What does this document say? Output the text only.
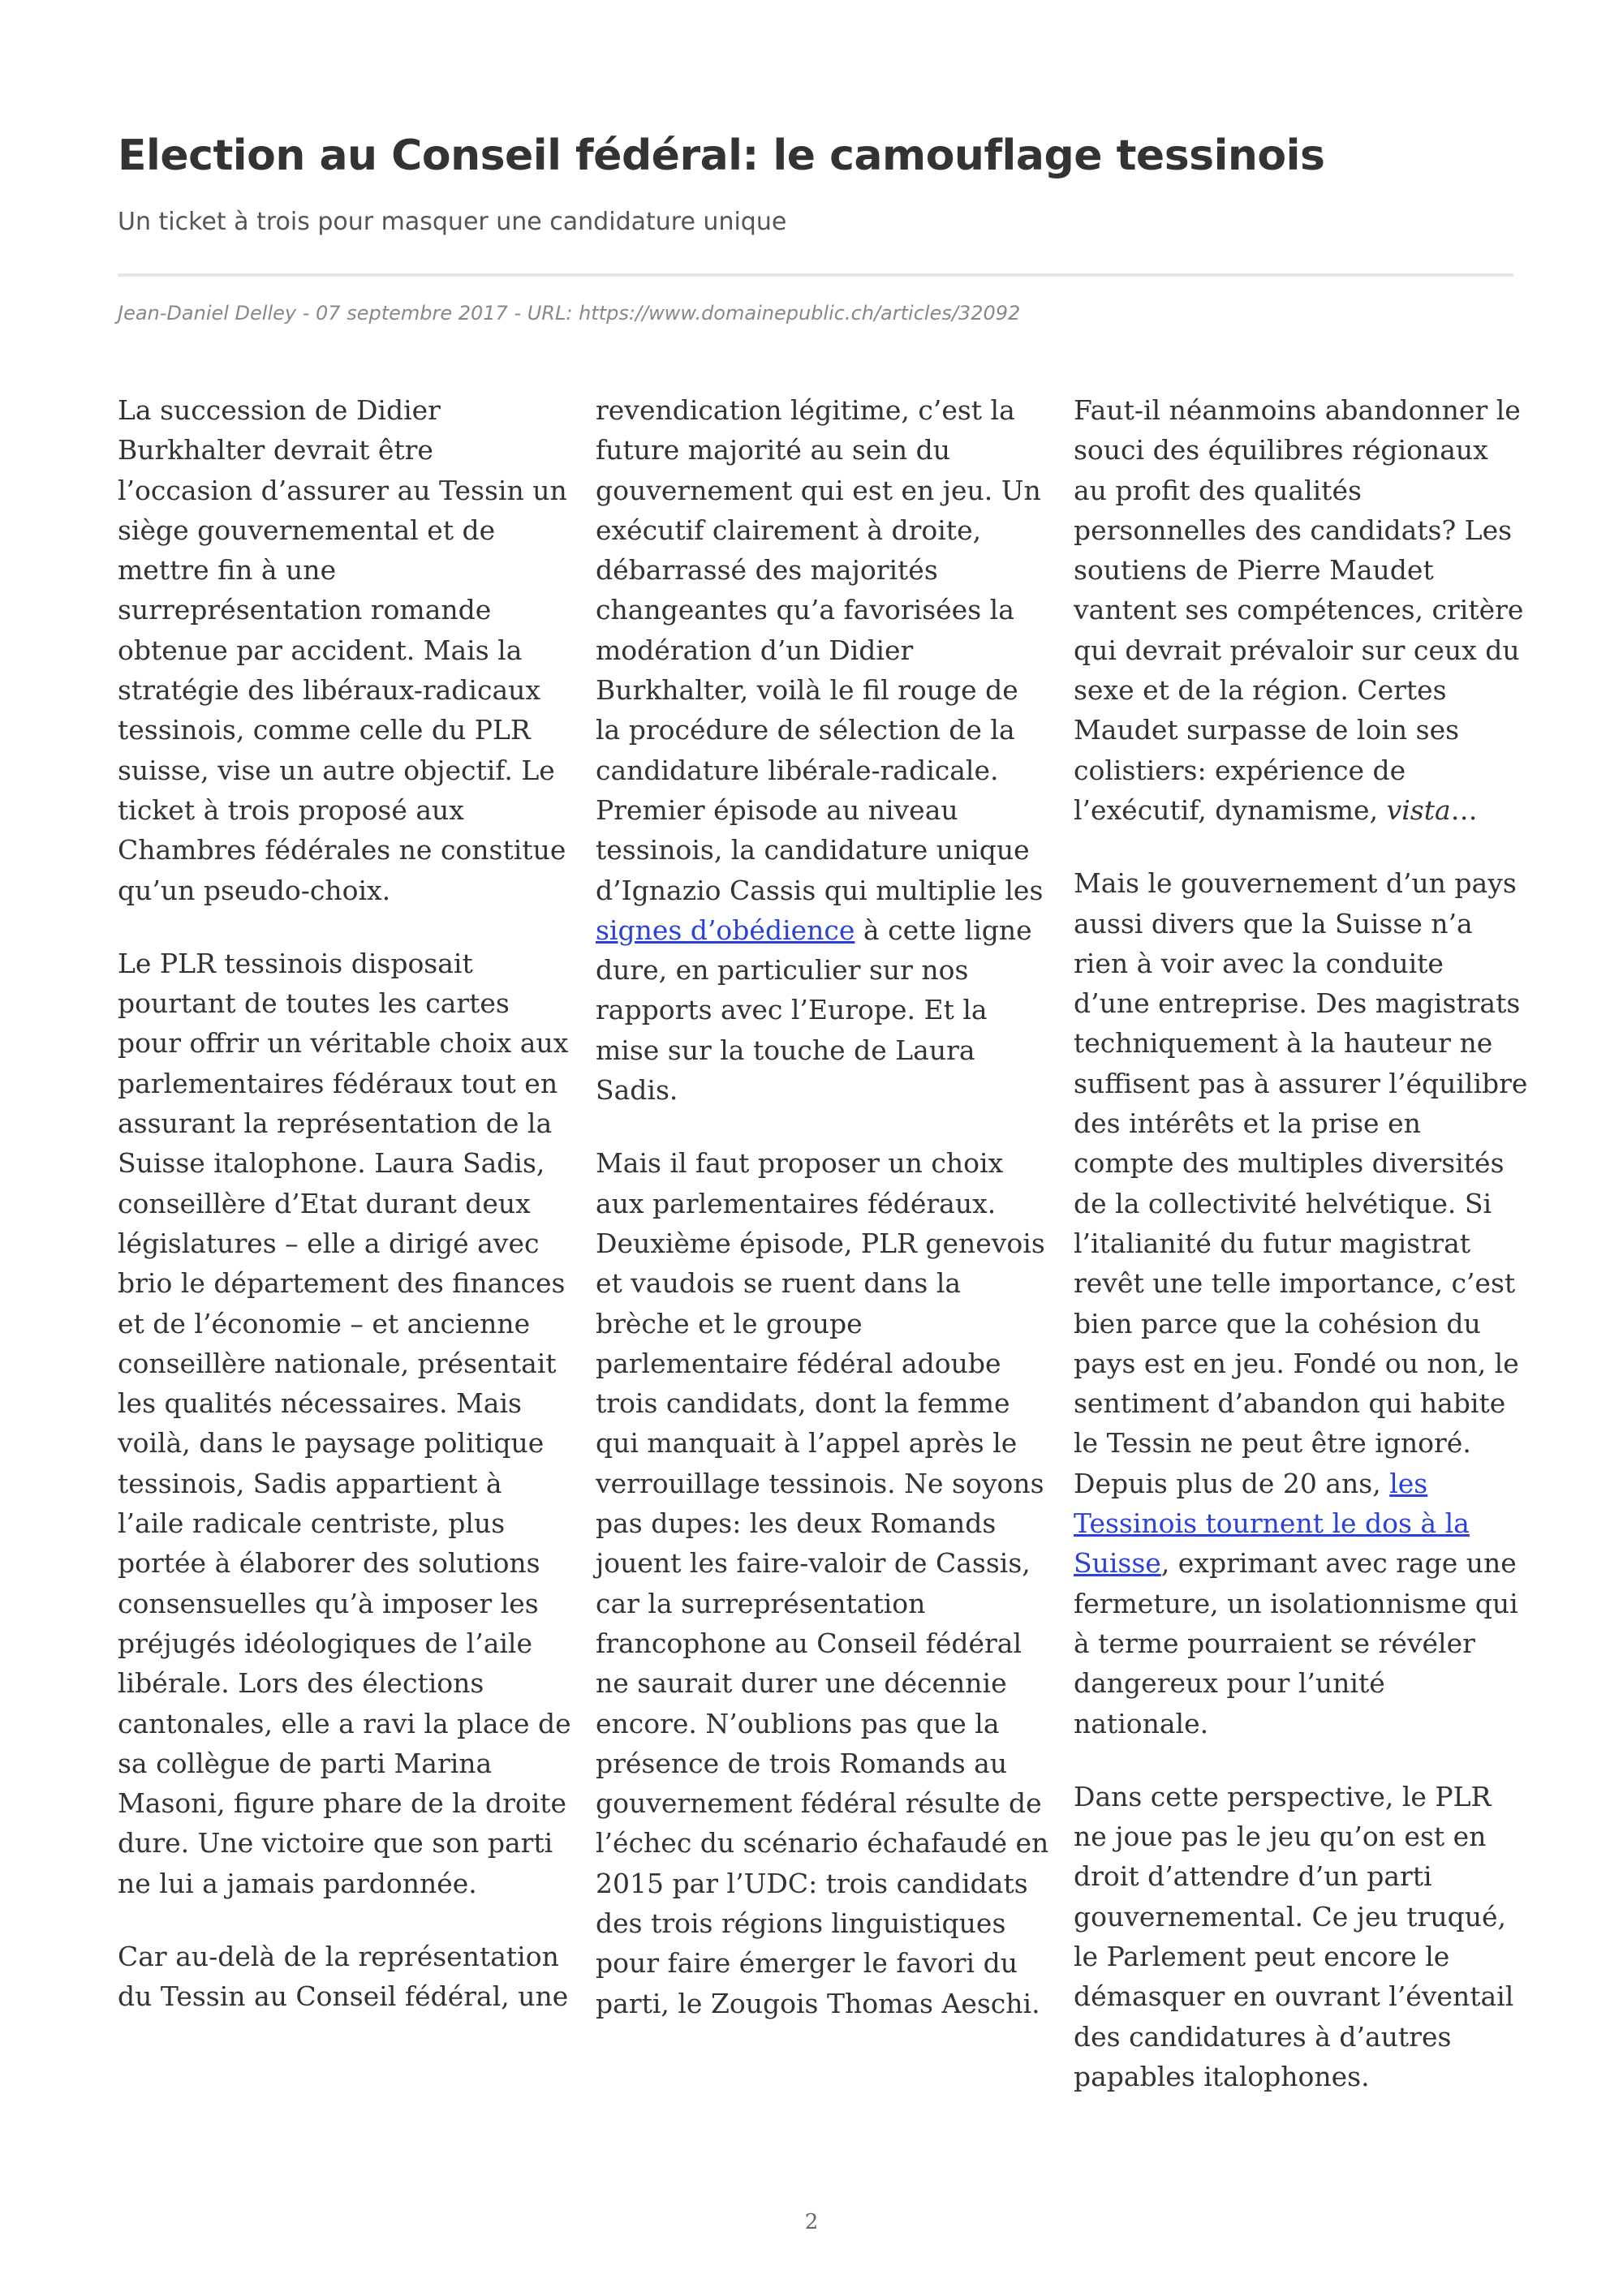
Election au Conseil fédéral: le camouflage tessinois
Un ticket à trois pour masquer une candidature unique
Jean-Daniel Delley - 07 septembre 2017 - URL: https://www.domainepublic.ch/articles/32092

La succession de Didier Burkhalter devrait être l’occasion d’assurer au Tessin un siège gouvernemental et de mettre fin à une surreprésentation romande obtenue par accident. Mais la stratégie des libéraux-radicaux tessinois, comme celle du PLR suisse, vise un autre objectif. Le ticket à trois proposé aux Chambres fédérales ne constitue qu’un pseudo-choix.

Le PLR tessinois disposait pourtant de toutes les cartes pour offrir un véritable choix aux parlementaires fédéraux tout en assurant la représentation de la Suisse italophone. Laura Sadis, conseillère d’Etat durant deux législatures – elle a dirigé avec brio le département des finances et de l’économie – et ancienne conseillère nationale, présentait les qualités nécessaires. Mais voilà, dans le paysage politique tessinois, Sadis appartient à l’aile radicale centriste, plus portée à élaborer des solutions consensuelles qu’à imposer les préjugés idéologiques de l’aile libérale. Lors des élections cantonales, elle a ravi la place de sa collègue de parti Marina Masoni, figure phare de la droite dure. Une victoire que son parti ne lui a jamais pardonnée.

Car au-delà de la représentation du Tessin au Conseil fédéral, une

revendication légitime, c’est la future majorité au sein du gouvernement qui est en jeu. Un exécutif clairement à droite, débarrassé des majorités changeantes qu’a favorisées la modération d’un Didier Burkhalter, voilà le fil rouge de la procédure de sélection de la candidature libérale-radicale. Premier épisode au niveau tessinois, la candidature unique d’Ignazio Cassis qui multiplie les signes d’obédience à cette ligne dure, en particulier sur nos rapports avec l’Europe. Et la mise sur la touche de Laura Sadis.

Mais il faut proposer un choix aux parlementaires fédéraux. Deuxième épisode, PLR genevois et vaudois se ruent dans la brèche et le groupe parlementaire fédéral adoube trois candidats, dont la femme qui manquait à l’appel après le verrouillage tessinois. Ne soyons pas dupes: les deux Romands jouent les faire-valoir de Cassis, car la surreprésentation francophone au Conseil fédéral ne saurait durer une décennie encore. N’oublions pas que la présence de trois Romands au gouvernement fédéral résulte de l’échec du scénario échafaudé en 2015 par l’UDC: trois candidats des trois régions linguistiques pour faire émerger le favori du parti, le Zougois Thomas Aeschi.

Faut-il néanmoins abandonner le souci des équilibres régionaux au profit des qualités personnelles des candidats? Les soutiens de Pierre Maudet vantent ses compétences, critère qui devrait prévaloir sur ceux du sexe et de la région. Certes Maudet surpasse de loin ses colistiers: expérience de l’exécutif, dynamisme, vista…

Mais le gouvernement d’un pays aussi divers que la Suisse n’a rien à voir avec la conduite d’une entreprise. Des magistrats techniquement à la hauteur ne suffisent pas à assurer l’équilibre des intérêts et la prise en compte des multiples diversités de la collectivité helvétique. Si l’italianité du futur magistrat revêt une telle importance, c’est bien parce que la cohésion du pays est en jeu. Fondé ou non, le sentiment d’abandon qui habite le Tessin ne peut être ignoré. Depuis plus de 20 ans, les Tessinois tournent le dos à la Suisse, exprimant avec rage une fermeture, un isolationnisme qui à terme pourraient se révéler dangereux pour l’unité nationale.

Dans cette perspective, le PLR ne joue pas le jeu qu’on est en droit d’attendre d’un parti gouvernemental. Ce jeu truqué, le Parlement peut encore le démasquer en ouvrant l’éventail des candidatures à d’autres papables italophones.

2
